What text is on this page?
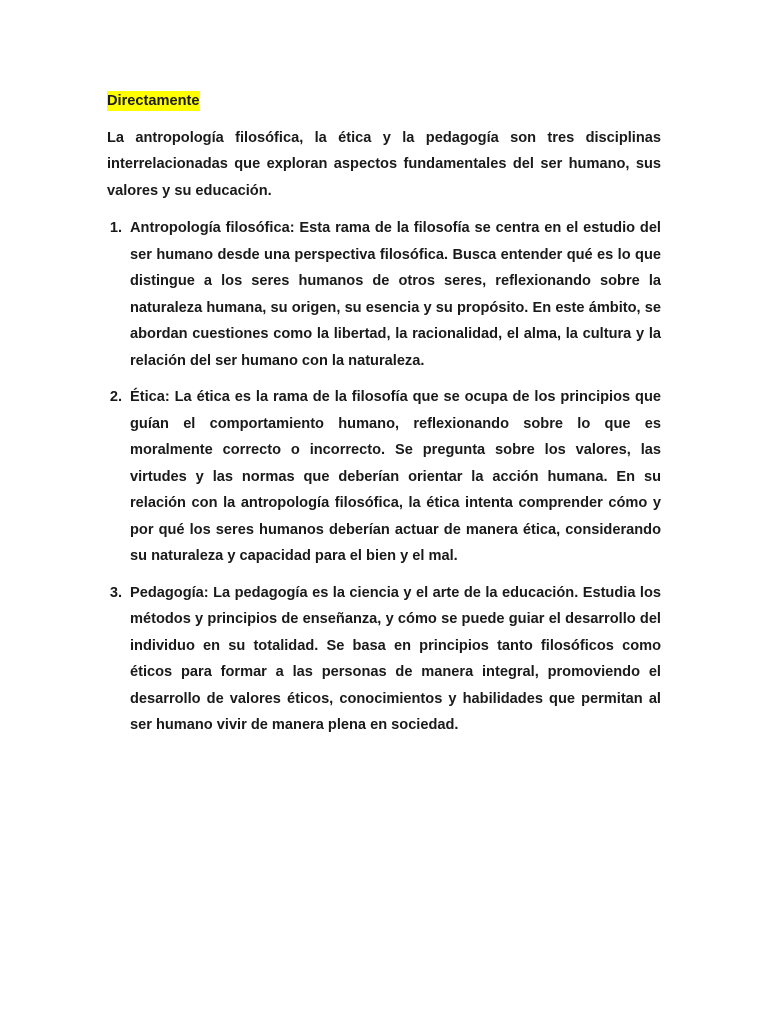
Directamente

La antropología filosófica, la ética y la pedagogía son tres disciplinas interrelacionadas que exploran aspectos fundamentales del ser humano, sus valores y su educación.

1. Antropología filosófica: Esta rama de la filosofía se centra en el estudio del ser humano desde una perspectiva filosófica. Busca entender qué es lo que distingue a los seres humanos de otros seres, reflexionando sobre la naturaleza humana, su origen, su esencia y su propósito. En este ámbito, se abordan cuestiones como la libertad, la racionalidad, el alma, la cultura y la relación del ser humano con la naturaleza.
2. Ética: La ética es la rama de la filosofía que se ocupa de los principios que guían el comportamiento humano, reflexionando sobre lo que es moralmente correcto o incorrecto. Se pregunta sobre los valores, las virtudes y las normas que deberían orientar la acción humana. En su relación con la antropología filosófica, la ética intenta comprender cómo y por qué los seres humanos deberían actuar de manera ética, considerando su naturaleza y capacidad para el bien y el mal.
3. Pedagogía: La pedagogía es la ciencia y el arte de la educación. Estudia los métodos y principios de enseñanza, y cómo se puede guiar el desarrollo del individuo en su totalidad. Se basa en principios tanto filosóficos como éticos para formar a las personas de manera integral, promoviendo el desarrollo de valores éticos, conocimientos y habilidades que permitan al ser humano vivir de manera plena en sociedad.
